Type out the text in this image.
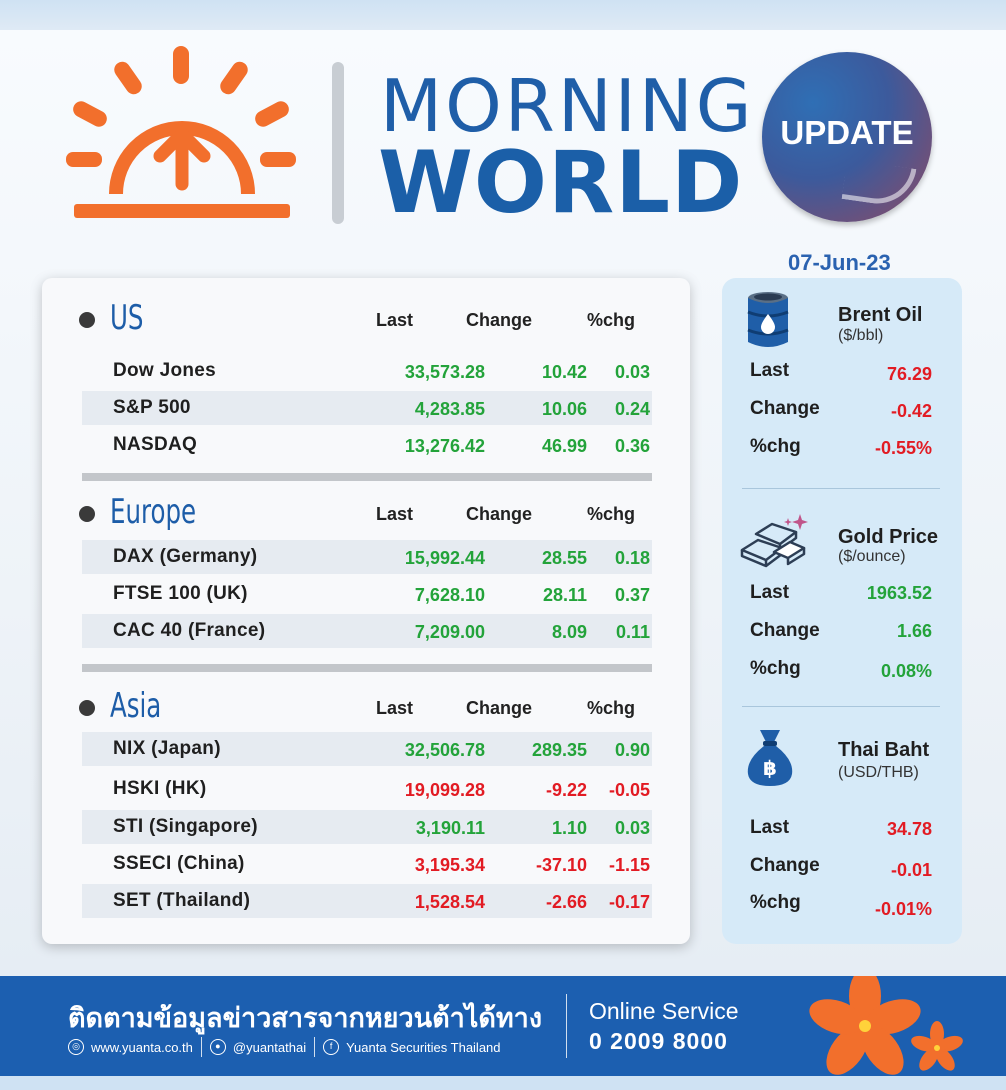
MORNING
WORLD
UPDATE
07-Jun-23
US	Last	Change	%chg
Dow Jones	33,573.28	10.42 0.03
S&P 500	4,283.85	10.06 0.24
NASDAQ	13,276.42	46.99 0.36
Europe	Last	Change	%chg
DAX (Germany)	15,992.44	28.55 0.18
FTSE 100 (UK)	7,628.10	28.11 0.37
CAC 40 (France)	7,209.00	8.09 0.11
Asia	Last	Change	%chg
NIX (Japan)	32,506.78	289.35 0.90
HSKI (HK)	19,099.28	-9.22 -0.05
STI (Singapore)	3,190.11	1.10 0.03
SSECI (China)	3,195.34	-37.10 -1.15
SET (Thailand)	1,528.54	-2.66 -0.17
Brent Oil
($/bbl)
Last	76.29
Change	-0.42
%chg	-0.55%
Gold Price
($/ounce)
Last	1963.52
Change	1.66
%chg	0.08%
฿
Thai Baht
(USD/THB)
Last	34.78
Change	-0.01
%chg	-0.01%
ติดตามข้อมูลข่าวสารจากหยวนต้าได้ทาง
◎ www.yuanta.co.th	● @yuantathai	f	Yuanta Securities Thailand
Online Service
0 2009 8000
